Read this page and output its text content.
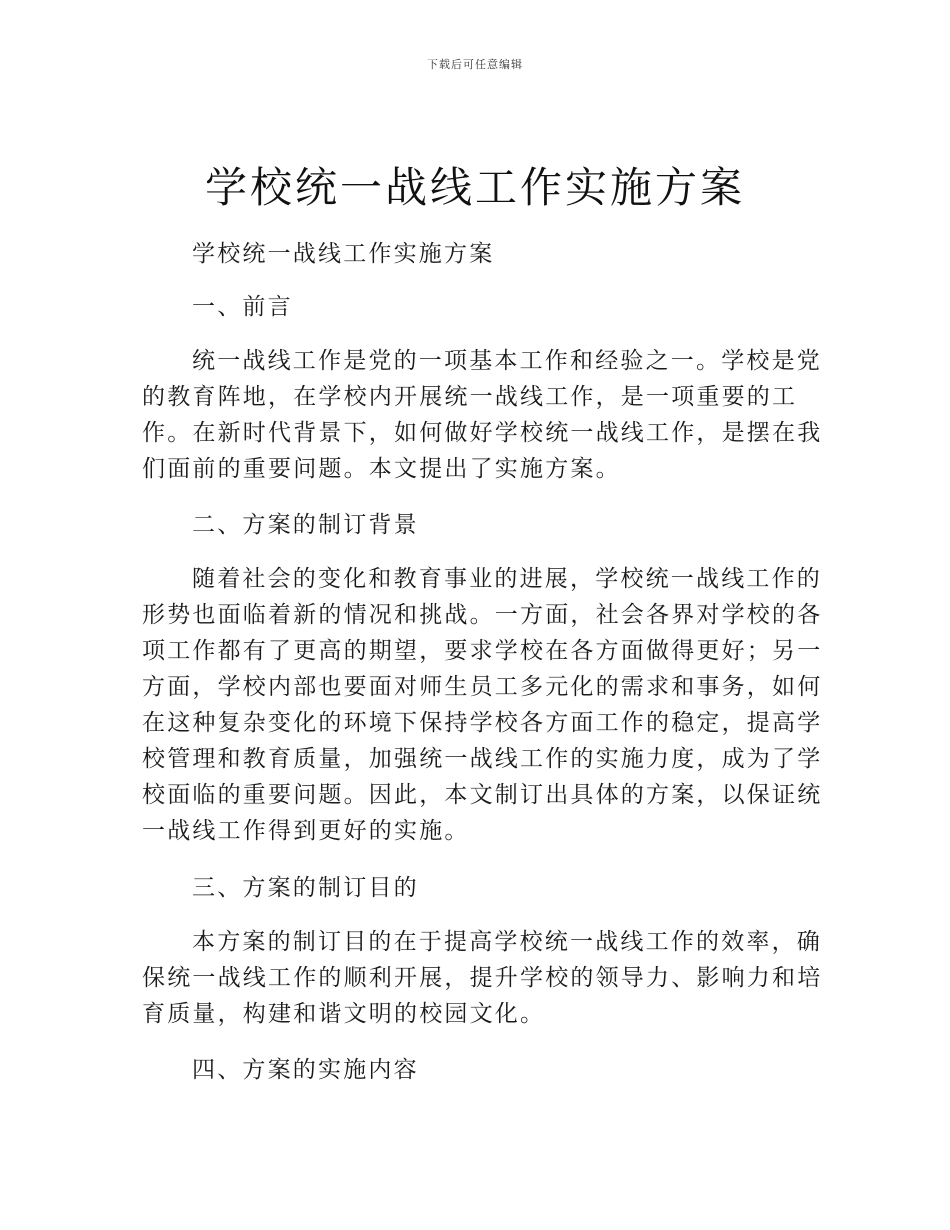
下载后可任意编辑
学校统一战线工作实施方案
学校统一战线工作实施方案
一、前言
统一战线工作是党的一项基本工作和经验之一。学校是党
的教育阵地，在学校内开展统一战线工作，是一项重要的工
作。在新时代背景下，如何做好学校统一战线工作，是摆在我
们面前的重要问题。本文提出了实施方案。
二、方案的制订背景
随着社会的变化和教育事业的进展，学校统一战线工作的
形势也面临着新的情况和挑战。一方面，社会各界对学校的各
项工作都有了更高的期望，要求学校在各方面做得更好；另一
方面，学校内部也要面对师生员工多元化的需求和事务，如何
在这种复杂变化的环境下保持学校各方面工作的稳定，提高学
校管理和教育质量，加强统一战线工作的实施力度，成为了学
校面临的重要问题。因此，本文制订出具体的方案，以保证统
一战线工作得到更好的实施。
三、方案的制订目的
本方案的制订目的在于提高学校统一战线工作的效率，确
保统一战线工作的顺利开展，提升学校的领导力、影响力和培
育质量，构建和谐文明的校园文化。
四、方案的实施内容
